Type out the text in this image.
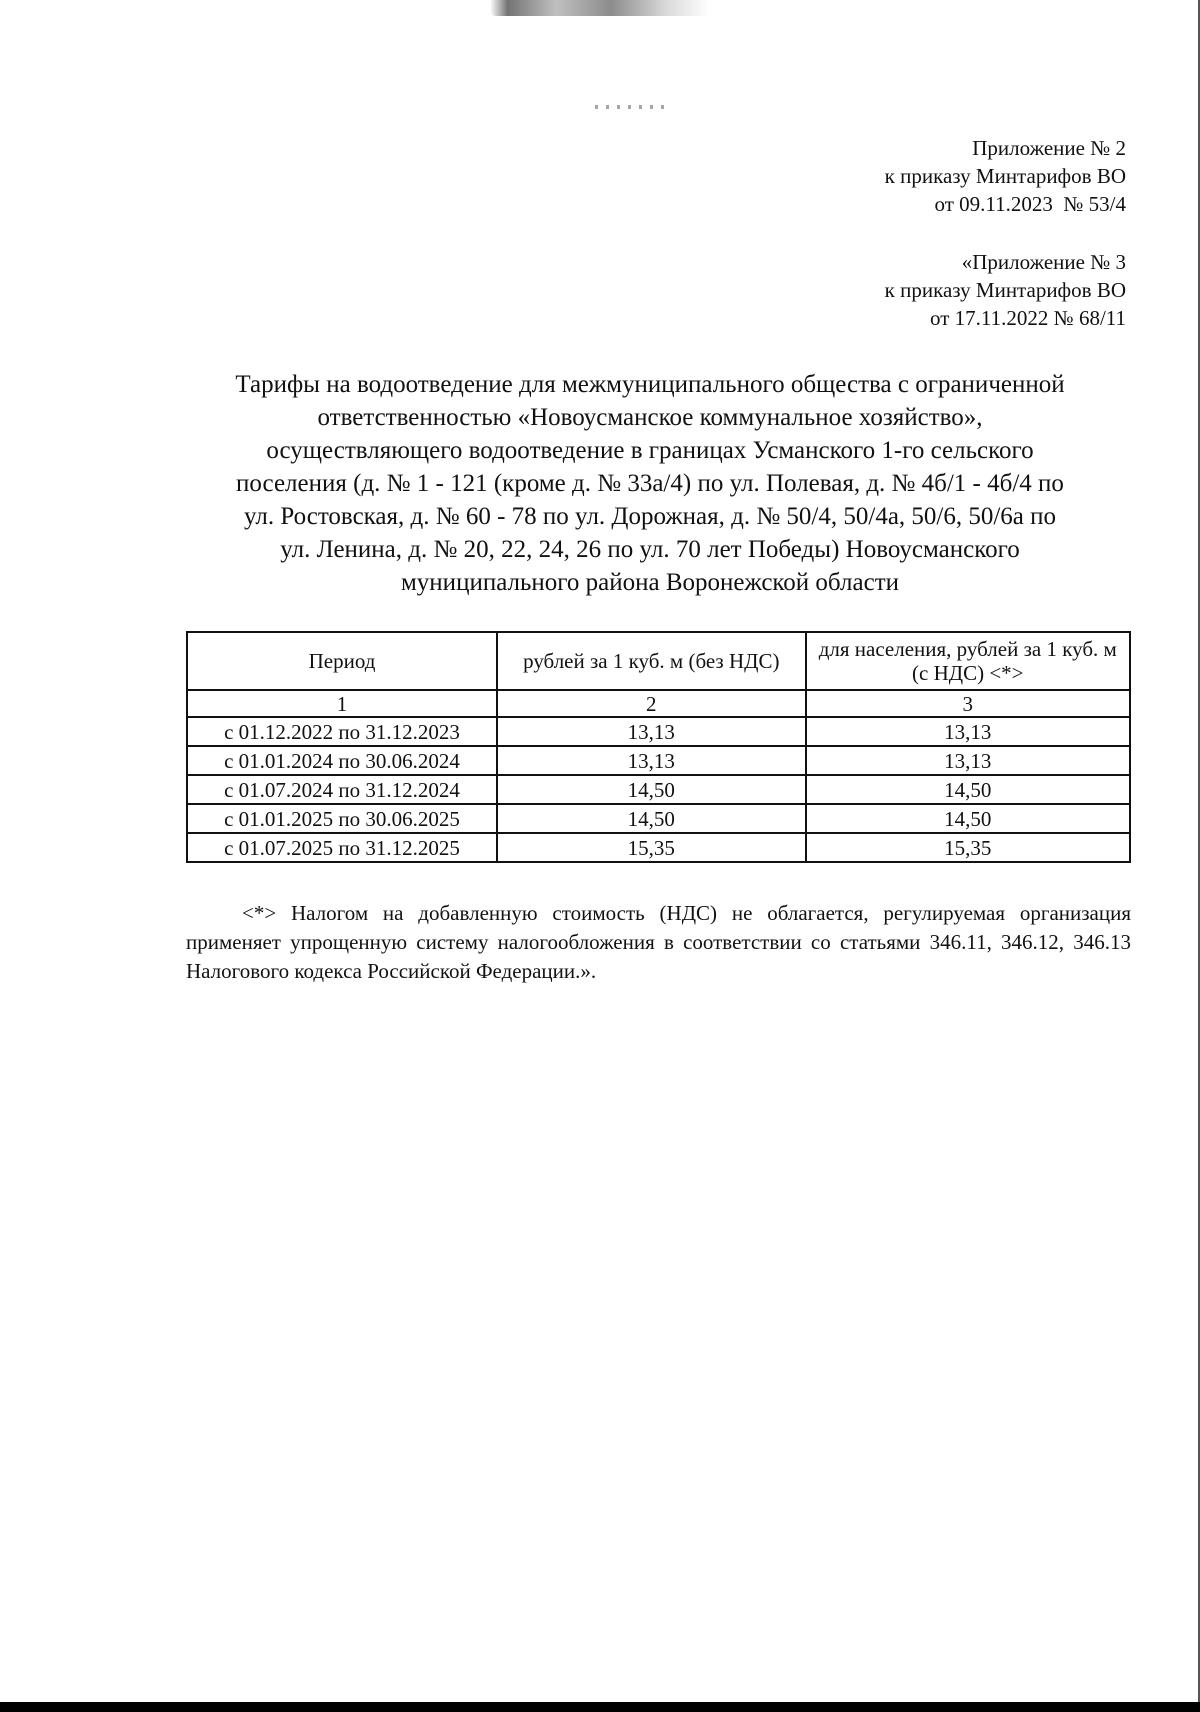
Приложение № 2
к приказу Минтарифов ВО
от 09.11.2023  № 53/4
«Приложение № 3
к приказу Минтарифов ВО
от 17.11.2022 № 68/11
Тарифы на водоотведение для межмуниципального общества с ограниченной
ответственностью «Новоусманское коммунальное хозяйство»,
осуществляющего водоотведение в границах Усманского 1-го сельского
поселения (д. № 1 - 121 (кроме д. № 33а/4) по ул. Полевая, д. № 4б/1 - 4б/4 по
ул. Ростовская, д. № 60 - 78 по ул. Дорожная, д. № 50/4, 50/4а, 50/6, 50/6а по
ул. Ленина, д. № 20, 22, 24, 26 по ул. 70 лет Победы) Новоусманского
муниципального района Воронежской области
Период	рублей за 1 куб. м (без НДС)	для населения, рублей за 1 куб. м (с НДС) <*>
1	2	3
с 01.12.2022 по 31.12.2023	13,13	13,13
с 01.01.2024 по 30.06.2024	13,13	13,13
с 01.07.2024 по 31.12.2024	14,50	14,50
с 01.01.2025 по 30.06.2025	14,50	14,50
с 01.07.2025 по 31.12.2025	15,35	15,35
<*> Налогом на добавленную стоимость (НДС) не облагается, регулируемая организация применяет упрощенную систему налогообложения в соответствии со статьями 346.11, 346.12, 346.13 Налогового кодекса Российской Федерации.».
